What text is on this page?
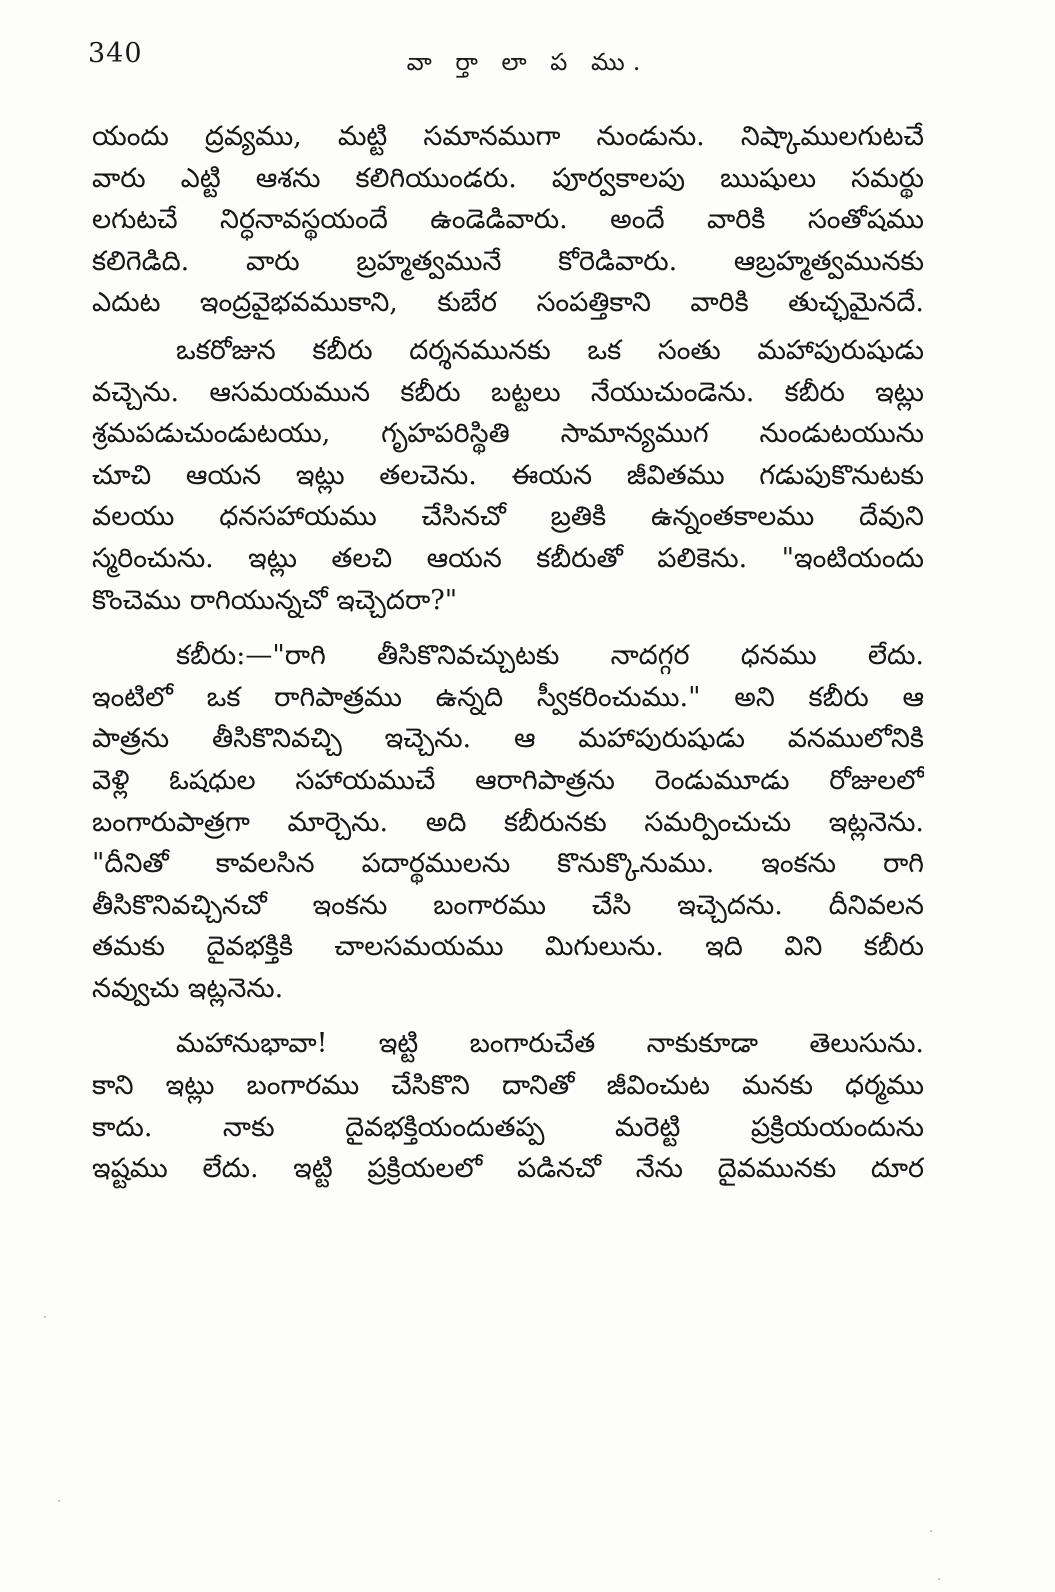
340	వా ర్తా లా ప ము.
యందు ద్రవ్యము, మట్టి సమానముగా నుండును. నిష్కాములగుటచే
వారు ఎట్టి ఆశను కలిగియుండరు. పూర్వకాలపు ఋషులు సమర్థు
లగుటచే నిర్ధనావస్థయందే ఉండెడివారు. అందే వారికి సంతోషము
కలిగెడిది. వారు బ్రహ్మత్వమునే కోరెడివారు. ఆబ్రహ్మత్వమునకు
ఎదుట ఇంద్రవైభవముకాని, కుబేర సంపత్తికాని వారికి తుచ్ఛమైనదే.
ఒకరోజున కబీరు దర్శనమునకు ఒక సంతు మహాపురుషుడు
వచ్చెను. ఆసమయమున కబీరు బట్టలు నేయుచుండెను. కబీరు ఇట్లు
శ్రమపడుచుండుటయు, గృహపరిస్థితి సామాన్యముగ నుండుటయును
చూచి ఆయన ఇట్లు తలచెను. ఈయన జీవితము గడుపుకొనుటకు
వలయు ధనసహాయము చేసినచో బ్రతికి ఉన్నంతకాలము దేవుని
స్మరించును. ఇట్లు తలచి ఆయన కబీరుతో పలికెను. "ఇంటియందు
కొంచెము రాగియున్నచో ఇచ్చెదరా?"
కబీరు:—"రాగి తీసికొనివచ్చుటకు నాదగ్గర ధనము లేదు.
ఇంటిలో ఒక రాగిపాత్రము ఉన్నది స్వీకరించుము." అని కబీరు ఆ
పాత్రను తీసికొనివచ్చి ఇచ్చెను. ఆ మహాపురుషుడు వనములోనికి
వెళ్లి ఓషధుల సహాయముచే ఆరాగిపాత్రను రెండుమూడు రోజులలో
బంగారుపాత్రగా మార్చెను. అది కబీరునకు సమర్పించుచు ఇట్లనెను.
"దీనితో కావలసిన పదార్థములను కొనుక్కొనుము. ఇంకను రాగి
తీసికొనివచ్చినచో ఇంకను బంగారము చేసి ఇచ్చెదను. దీనివలన
తమకు దైవభక్తికి చాలసమయము మిగులును. ఇది విని కబీరు
నవ్వుచు ఇట్లనెను.
మహానుభావా! ఇట్టి బంగారుచేత నాకుకూడా తెలుసును.
కాని ఇట్లు బంగారము చేసికొని దానితో జీవించుట మనకు ధర్మము
కాదు. నాకు దైవభక్తియందుతప్ప మరెట్టి ప్రక్రియయందును
ఇష్టము లేదు. ఇట్టి ప్రక్రియలలో పడినచో నేను దైవమునకు దూర
